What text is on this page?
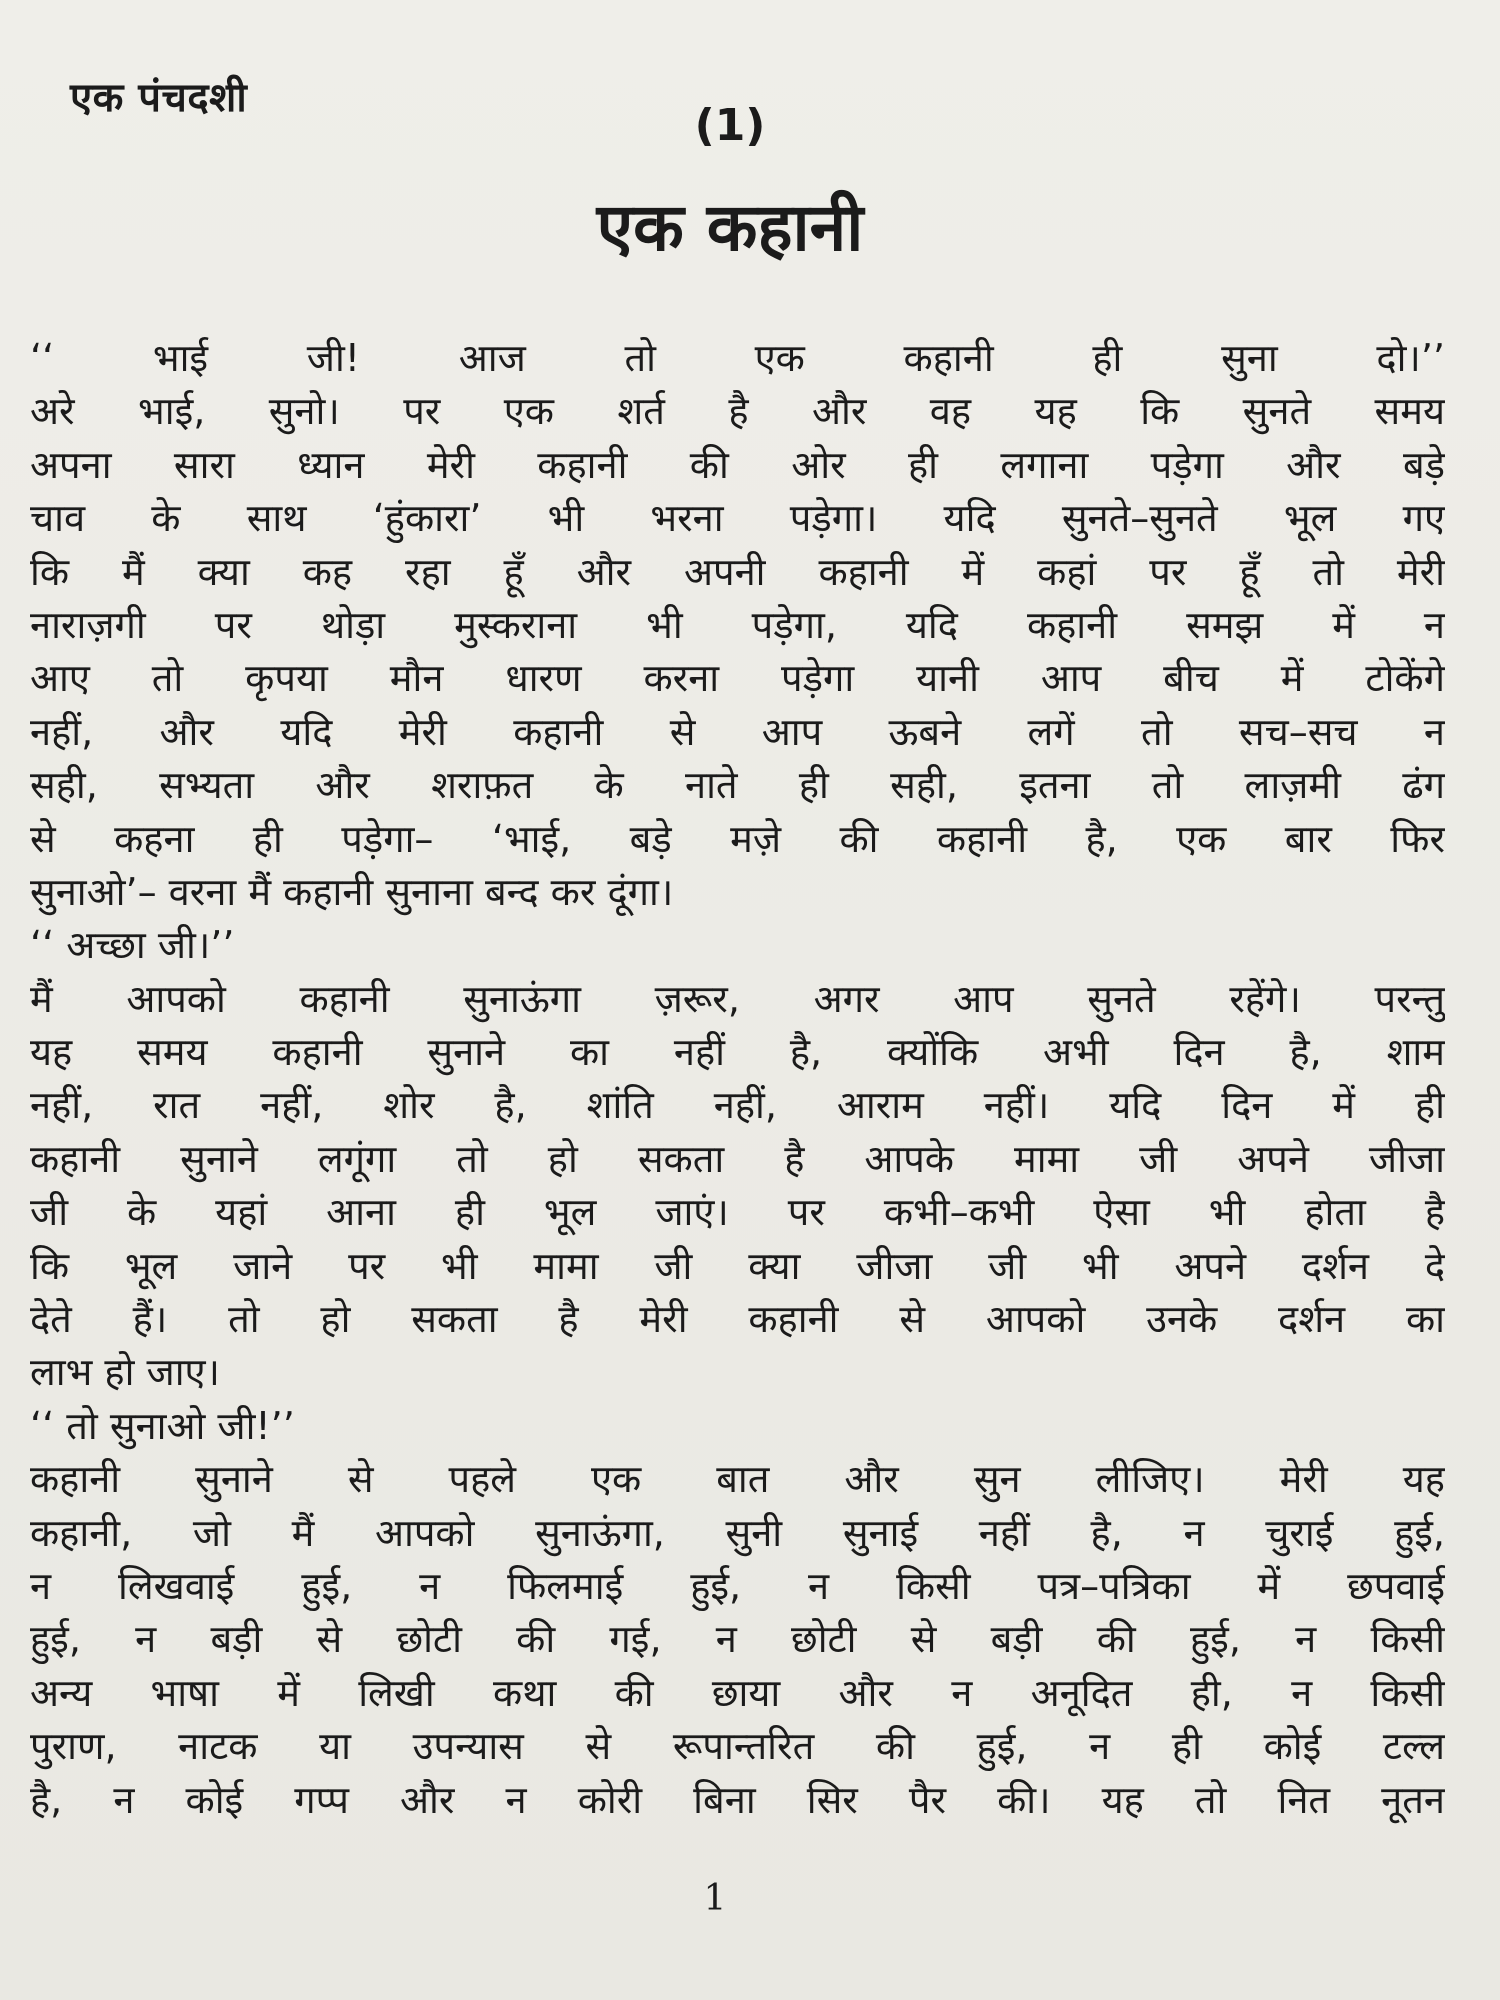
एक पंचदशी
(1)
एक कहानी
‘‘ भाई जी! आज तो एक कहानी ही सुना दो।’’
अरे भाई, सुनो। पर एक शर्त है और वह यह कि सुनते समय
अपना सारा ध्यान मेरी कहानी की ओर ही लगाना पड़ेगा और बड़े
चाव के साथ ‘हुंकारा’ भी भरना पड़ेगा। यदि सुनते–सुनते भूल गए
कि मैं क्या कह रहा हूँ और अपनी कहानी में कहां पर हूँ तो मेरी
नाराज़गी पर थोड़ा मुस्कराना भी पड़ेगा, यदि कहानी समझ में न
आए तो कृपया मौन धारण करना पड़ेगा यानी आप बीच में टोकेंगे
नहीं, और यदि मेरी कहानी से आप ऊबने लगें तो सच–सच न
सही, सभ्यता और शराफ़त के नाते ही सही, इतना तो लाज़मी ढंग
से कहना ही पड़ेगा– ‘भाई, बड़े मज़े की कहानी है, एक बार फिर
सुनाओ’– वरना मैं कहानी सुनाना बन्द कर दूंगा।
‘‘ अच्छा जी।’’
मैं आपको कहानी सुनाऊंगा ज़रूर, अगर आप सुनते रहेंगे। परन्तु
यह समय कहानी सुनाने का नहीं है, क्योंकि अभी दिन है, शाम
नहीं, रात नहीं, शोर है, शांति नहीं, आराम नहीं। यदि दिन में ही
कहानी सुनाने लगूंगा तो हो सकता है आपके मामा जी अपने जीजा
जी के यहां आना ही भूल जाएं। पर कभी–कभी ऐसा भी होता है
कि भूल जाने पर भी मामा जी क्या जीजा जी भी अपने दर्शन दे
देते हैं। तो हो सकता है मेरी कहानी से आपको उनके दर्शन का
लाभ हो जाए।
‘‘ तो सुनाओ जी!’’
कहानी सुनाने से पहले एक बात और सुन लीजिए। मेरी यह
कहानी, जो मैं आपको सुनाऊंगा, सुनी सुनाई नहीं है, न चुराई हुई,
न लिखवाई हुई, न फिलमाई हुई, न किसी पत्र–पत्रिका में छपवाई
हुई, न बड़ी से छोटी की गई, न छोटी से बड़ी की हुई, न किसी
अन्य भाषा में लिखी कथा की छाया और न अनूदित ही, न किसी
पुराण, नाटक या उपन्यास से रूपान्तरित की हुई, न ही कोई टल्ल
है, न कोई गप्प और न कोरी बिना सिर पैर की। यह तो नित नूतन
1
